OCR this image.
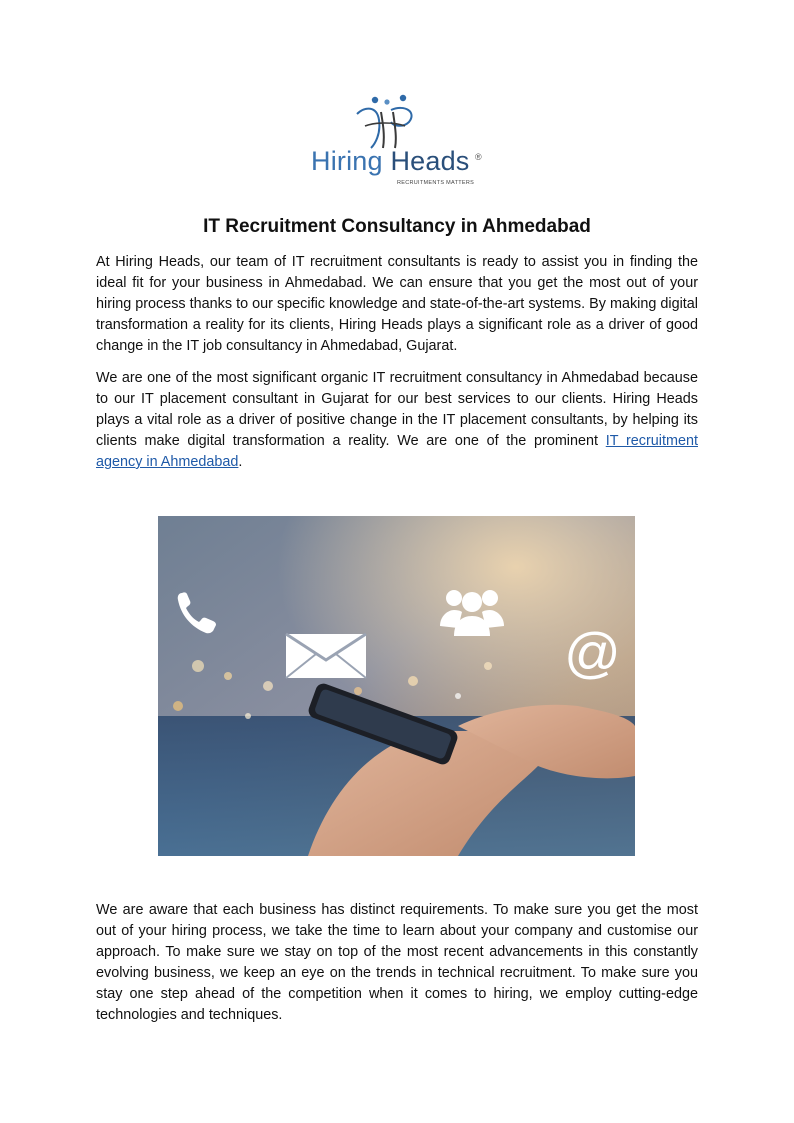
Hiring Heads ®
RECRUITMENTS MATTERS
IT Recruitment Consultancy in Ahmedabad

At Hiring Heads, our team of IT recruitment consultants is ready to assist you in finding the ideal fit for your business in Ahmedabad. We can ensure that you get the most out of your hiring process thanks to our specific knowledge and state-of-the-art systems. By making digital transformation a reality for its clients, Hiring Heads plays a significant role as a driver of good change in the IT job consultancy in Ahmedabad, Gujarat.

We are one of the most significant organic IT recruitment consultancy in Ahmedabad because to our IT placement consultant in Gujarat for our best services to our clients. Hiring Heads plays a vital role as a driver of positive change in the IT placement consultants, by helping its clients make digital transformation a reality. We are one of the prominent IT recruitment agency in Ahmedabad.

@

We are aware that each business has distinct requirements. To make sure you get the most out of your hiring process, we take the time to learn about your company and customise our approach. To make sure we stay on top of the most recent advancements in this constantly evolving business, we keep an eye on the trends in technical recruitment. To make sure you stay one step ahead of the competition when it comes to hiring, we employ cutting-edge technologies and techniques.
